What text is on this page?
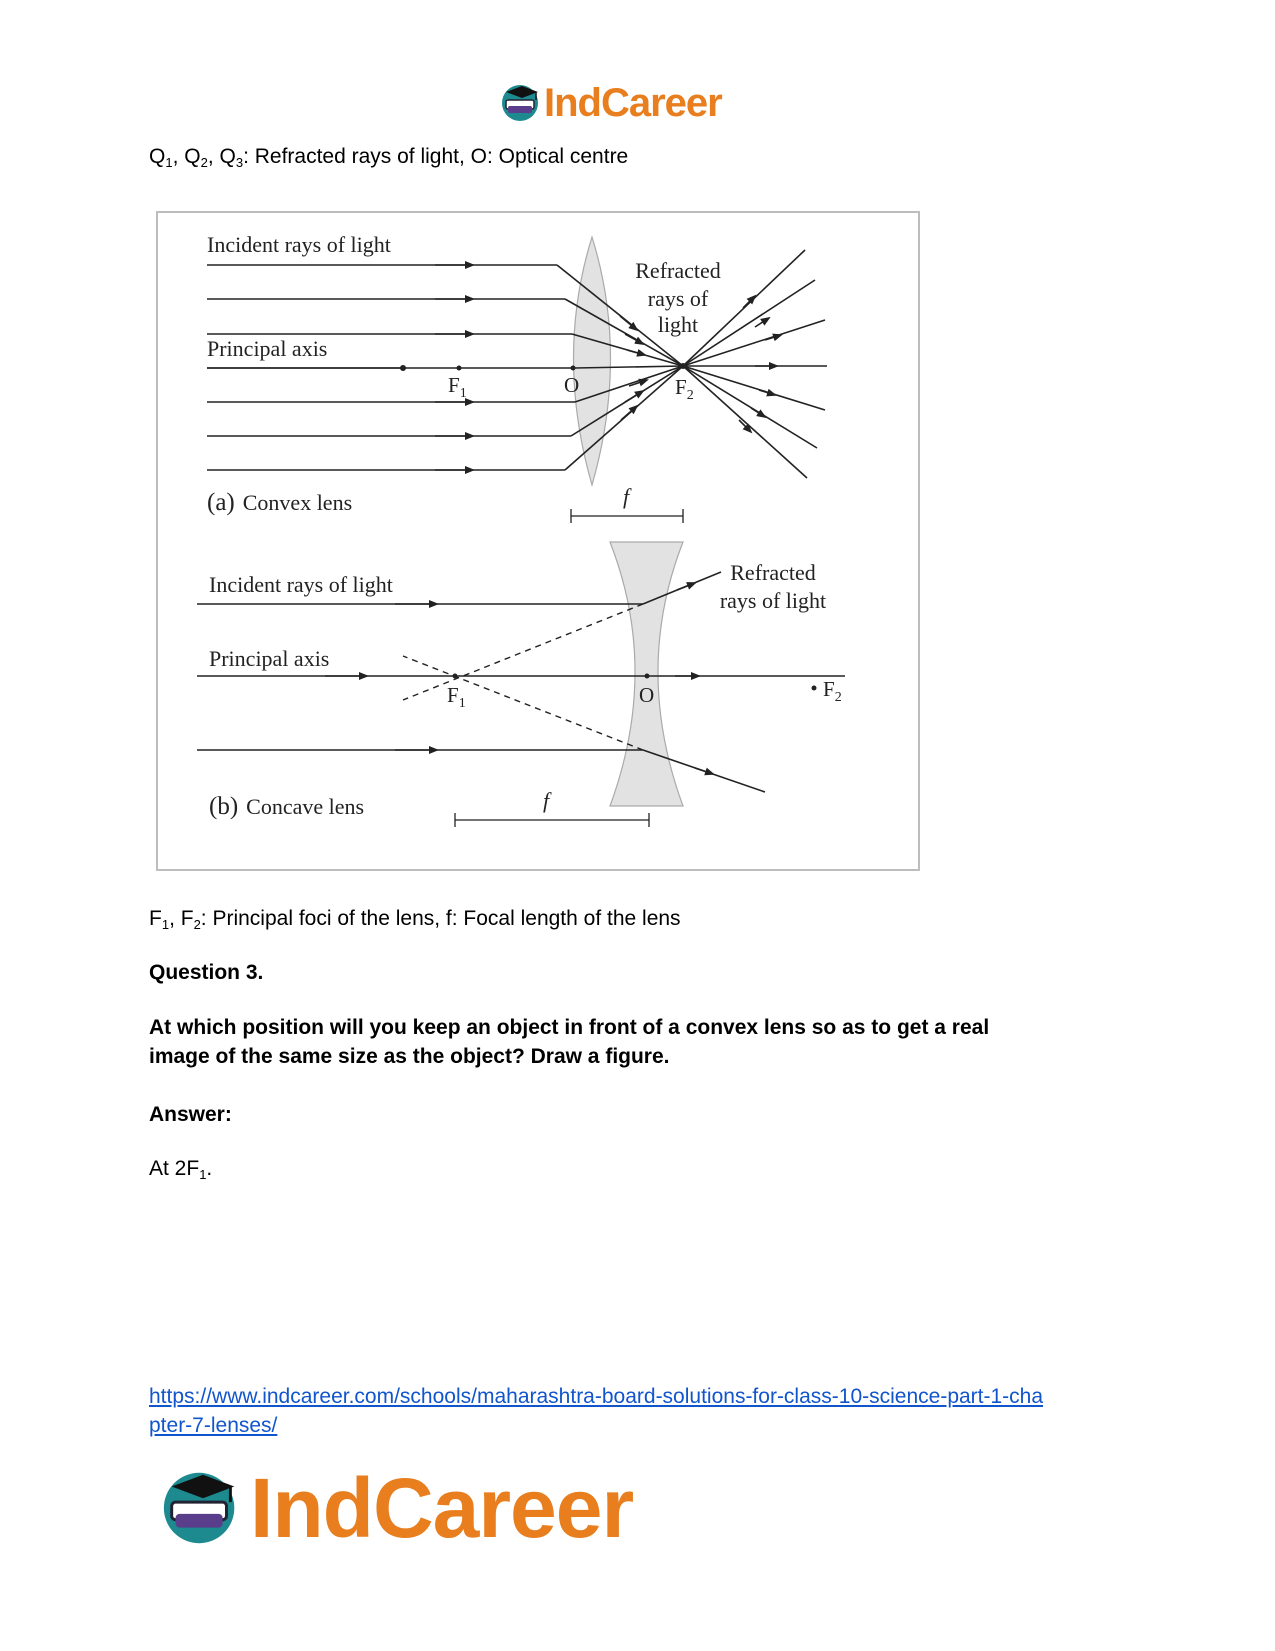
IndCareer
$Q_1$, $Q_2$, $Q_3$: Refracted rays of light, O: Optical centre
Incident rays of light
Principal axis
Refracted
rays of
light
$F_1$	O	$F_2$
f
(a) Convex lens
Incident rays of light
Principal axis
Refracted
rays of light
$F_1$	O	$F_2$
f
(b) Concave lens
$F_1$, $F_2$: Principal foci of the lens, f: Focal length of the lens
Question 3.
At which position will you keep an object in front of a convex lens so as to get a real
image of the same size as the object? Draw a figure.
Answer:
At $2F_1$.
https://www.indcareer.com/schools/maharashtra-board-solutions-for-class-10-science-part-1-cha
pter-7-lenses/
IndCareer
